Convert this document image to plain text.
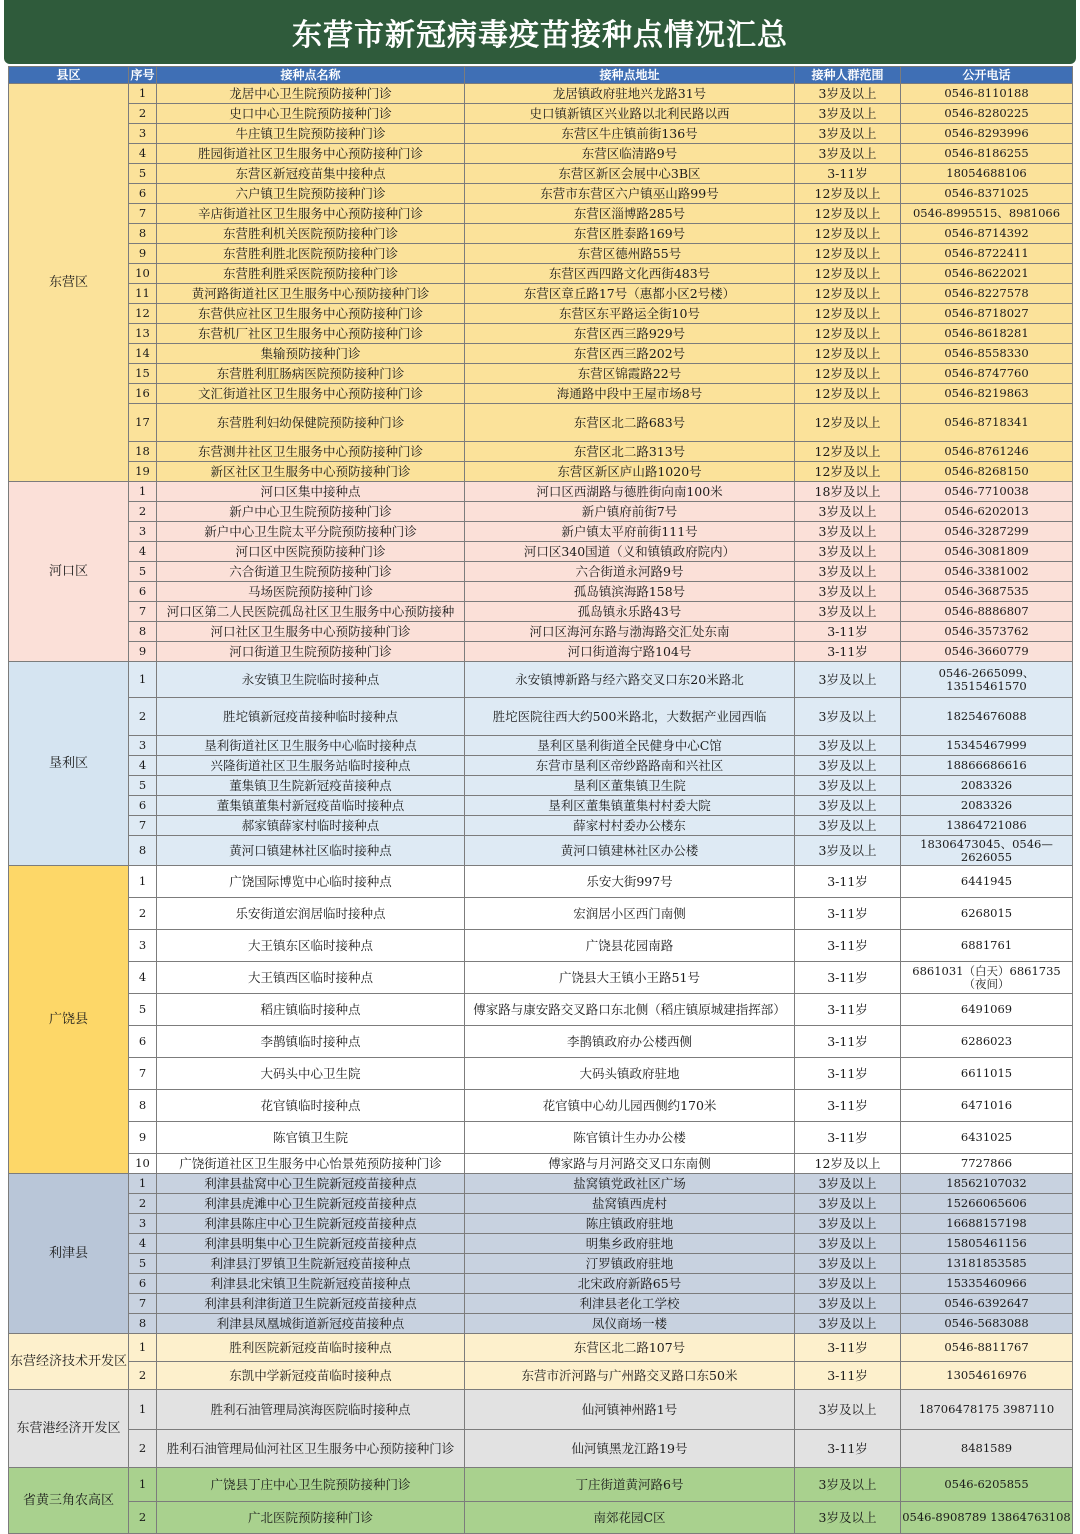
东营市新冠病毒疫苗接种点情况汇总
县区	序号	接种点名称	接种点地址	接种人群范围	公开电话
东营区	1	龙居中心卫生院预防接种门诊	龙居镇政府驻地兴龙路31号	3岁及以上	0546-8110188
	2	史口中心卫生院预防接种门诊	史口镇新镇区兴业路以北利民路以西	3岁及以上	0546-8280225
	3	牛庄镇卫生院预防接种门诊	东营区牛庄镇前街136号	3岁及以上	0546-8293996
	4	胜园街道社区卫生服务中心预防接种门诊	东营区临清路9号	3岁及以上	0546-8186255
	5	东营区新冠疫苗集中接种点	东营区新区会展中心3B区	3-11岁	18054688106
	6	六户镇卫生院预防接种门诊	东营市东营区六户镇巫山路99号	12岁及以上	0546-8371025
	7	辛店街道社区卫生服务中心预防接种门诊	东营区淄博路285号	12岁及以上	0546-8995515、8981066
	8	东营胜利机关医院预防接种门诊	东营区胜泰路169号	12岁及以上	0546-8714392
	9	东营胜利胜北医院预防接种门诊	东营区德州路55号	12岁及以上	0546-8722411
	10	东营胜利胜采医院预防接种门诊	东营区西四路文化西街483号	12岁及以上	0546-8622021
	11	黄河路街道社区卫生服务中心预防接种门诊	东营区章丘路17号（惠都小区2号楼）	12岁及以上	0546-8227578
	12	东营供应社区卫生服务中心预防接种门诊	东营区东平路运全街10号	12岁及以上	0546-8718027
	13	东营机厂社区卫生服务中心预防接种门诊	东营区西三路929号	12岁及以上	0546-8618281
	14	集输预防接种门诊	东营区西三路202号	12岁及以上	0546-8558330
	15	东营胜利肛肠病医院预防接种门诊	东营区锦霞路22号	12岁及以上	0546-8747760
	16	文汇街道社区卫生服务中心预防接种门诊	海通路中段中王屋市场8号	12岁及以上	0546-8219863
	17	东营胜利妇幼保健院预防接种门诊	东营区北二路683号	12岁及以上	0546-8718341
	18	东营测井社区卫生服务中心预防接种门诊	东营区北二路313号	12岁及以上	0546-8761246
	19	新区社区卫生服务中心预防接种门诊	东营区新区庐山路1020号	12岁及以上	0546-8268150
河口区	1	河口区集中接种点	河口区西湖路与德胜街向南100米	18岁及以上	0546-7710038
	2	新户中心卫生院预防接种门诊	新户镇府前街7号	3岁及以上	0546-6202013
	3	新户中心卫生院太平分院预防接种门诊	新户镇太平府前街111号	3岁及以上	0546-3287299
	4	河口区中医院预防接种门诊	河口区340国道（义和镇镇政府院内）	3岁及以上	0546-3081809
	5	六合街道卫生院预防接种门诊	六合街道永河路9号	3岁及以上	0546-3381002
	6	马场医院预防接种门诊	孤岛镇滨海路158号	3岁及以上	0546-3687535
	7	河口区第二人民医院孤岛社区卫生服务中心预防接种	孤岛镇永乐路43号	3岁及以上	0546-8886807
	8	河口社区卫生服务中心预防接种门诊	河口区海河东路与渤海路交汇处东南	3-11岁	0546-3573762
	9	河口街道卫生院预防接种门诊	河口街道海宁路104号	3-11岁	0546-3660779
垦利区	1	永安镇卫生院临时接种点	永安镇博新路与经六路交叉口东20米路北	3岁及以上	0546-2665099、13515461570
	2	胜坨镇新冠疫苗接种临时接种点	胜坨医院往西大约500米路北，大数据产业园西临	3岁及以上	18254676088
	3	垦利街道社区卫生服务中心临时接种点	垦利区垦利街道全民健身中心C馆	3岁及以上	15345467999
	4	兴隆街道社区卫生服务站临时接种点	东营市垦利区帝纱路路南和兴社区	3岁及以上	18866686616
	5	董集镇卫生院新冠疫苗接种点	垦利区董集镇卫生院	3岁及以上	2083326
	6	董集镇董集村新冠疫苗临时接种点	垦利区董集镇董集村村委大院	3岁及以上	2083326
	7	郝家镇薛家村临时接种点	薛家村村委办公楼东	3岁及以上	13864721086
	8	黄河口镇建林社区临时接种点	黄河口镇建林社区办公楼	3岁及以上	18306473045、0546—2626055
广饶县	1	广饶国际博览中心临时接种点	乐安大街997号	3-11岁	6441945
	2	乐安街道宏润居临时接种点	宏润居小区西门南侧	3-11岁	6268015
	3	大王镇东区临时接种点	广饶县花园南路	3-11岁	6881761
	4	大王镇西区临时接种点	广饶县大王镇小王路51号	3-11岁	6861031（白天）6861735（夜间）
	5	稻庄镇临时接种点	傅家路与康安路交叉路口东北侧（稻庄镇原城建指挥部）	3-11岁	6491069
	6	李鹊镇临时接种点	李鹊镇政府办公楼西侧	3-11岁	6286023
	7	大码头中心卫生院	大码头镇政府驻地	3-11岁	6611015
	8	花官镇临时接种点	花官镇中心幼儿园西侧约170米	3-11岁	6471016
	9	陈官镇卫生院	陈官镇计生办办公楼	3-11岁	6431025
	10	广饶街道社区卫生服务中心怡景苑预防接种门诊	傅家路与月河路交叉口东南侧	12岁及以上	7727866
利津县	1	利津县盐窝中心卫生院新冠疫苗接种点	盐窝镇党政社区广场	3岁及以上	18562107032
	2	利津县虎滩中心卫生院新冠疫苗接种点	盐窝镇西虎村	3岁及以上	15266065606
	3	利津县陈庄中心卫生院新冠疫苗接种点	陈庄镇政府驻地	3岁及以上	16688157198
	4	利津县明集中心卫生院新冠疫苗接种点	明集乡政府驻地	3岁及以上	15805461156
	5	利津县汀罗镇卫生院新冠疫苗接种点	汀罗镇政府驻地	3岁及以上	13181853585
	6	利津县北宋镇卫生院新冠疫苗接种点	北宋政府新路65号	3岁及以上	15335460966
	7	利津县利津街道卫生院新冠疫苗接种点	利津县老化工学校	3岁及以上	0546-6392647
	8	利津县凤凰城街道新冠疫苗接种点	凤仪商场一楼	3岁及以上	0546-5683088
东营经济技术开发区	1	胜利医院新冠疫苗临时接种点	东营区北二路107号	3-11岁	0546-8811767
	2	东凯中学新冠疫苗临时接种点	东营市沂河路与广州路交叉路口东50米	3-11岁	13054616976
东营港经济开发区	1	胜利石油管理局滨海医院临时接种点	仙河镇神州路1号	3岁及以上	18706478175 3987110
	2	胜利石油管理局仙河社区卫生服务中心预防接种门诊	仙河镇黑龙江路19号	3-11岁	8481589
省黄三角农高区	1	广饶县丁庄中心卫生院预防接种门诊	丁庄街道黄河路6号	3岁及以上	0546-6205855
	2	广北医院预防接种门诊	南郊花园C区	3岁及以上	0546-8908789 13864763108
